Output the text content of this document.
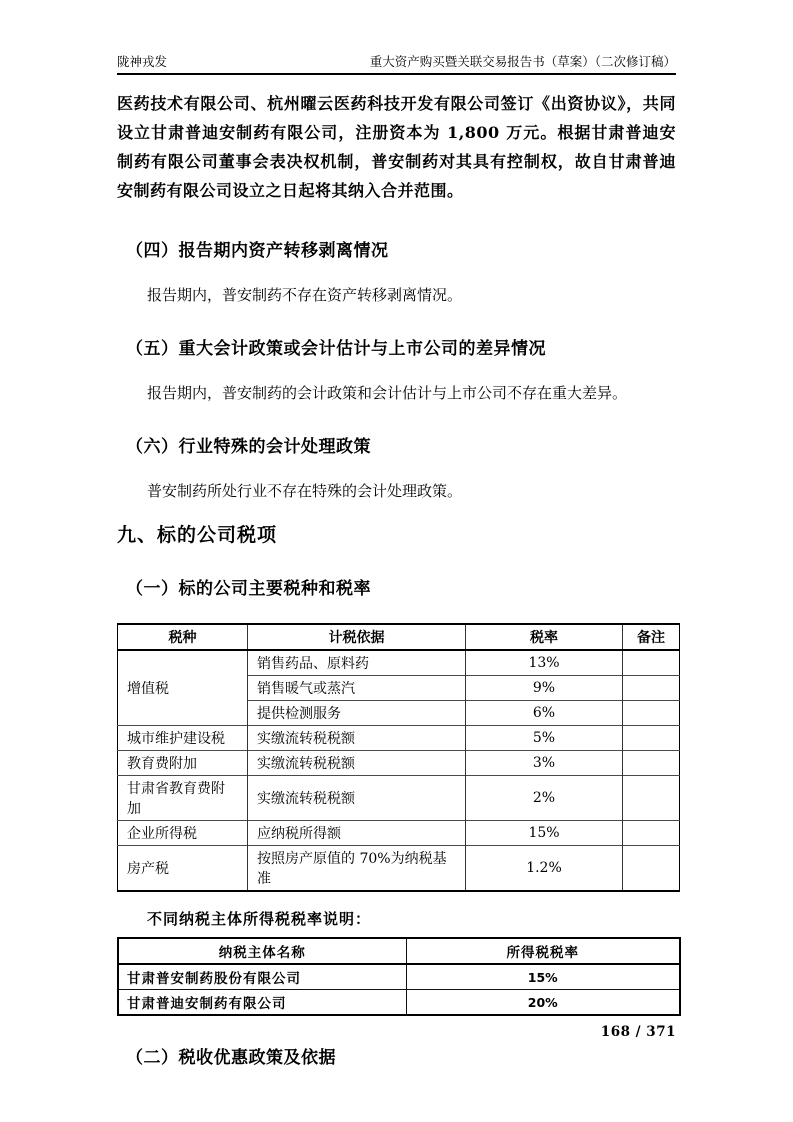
陇神戎发	重大资产购买暨关联交易报告书（草案）（二次修订稿）

医药技术有限公司、杭州曜云医药科技开发有限公司签订《出资协议》，共同设立甘肃普迪安制药有限公司，注册资本为 1,800 万元。根据甘肃普迪安制药有限公司董事会表决权机制，普安制药对其具有控制权，故自甘肃普迪安制药有限公司设立之日起将其纳入合并范围。

（四）报告期内资产转移剥离情况

报告期内，普安制药不存在资产转移剥离情况。

（五）重大会计政策或会计估计与上市公司的差异情况

报告期内，普安制药的会计政策和会计估计与上市公司不存在重大差异。

（六）行业特殊的会计处理政策

普安制药所处行业不存在特殊的会计处理政策。

九、标的公司税项
（一）标的公司主要税种和税率
税种	计税依据	税率	备注
增值税	销售药品、原料药	13%	
	销售暖气或蒸汽	9%	
	提供检测服务	6%	
城市维护建设税	实缴流转税税额	5%	
教育费附加	实缴流转税税额	3%	
甘肃省教育费附加	实缴流转税税额	2%	
企业所得税	应纳税所得额	15%	
房产税	按照房产原值的 70%为纳税基准	1.2%	

不同纳税主体所得税税率说明：

纳税主体名称	所得税税率
甘肃普安制药股份有限公司	15%
甘肃普迪安制药有限公司	20%
（二）税收优惠政策及依据
168 / 371
